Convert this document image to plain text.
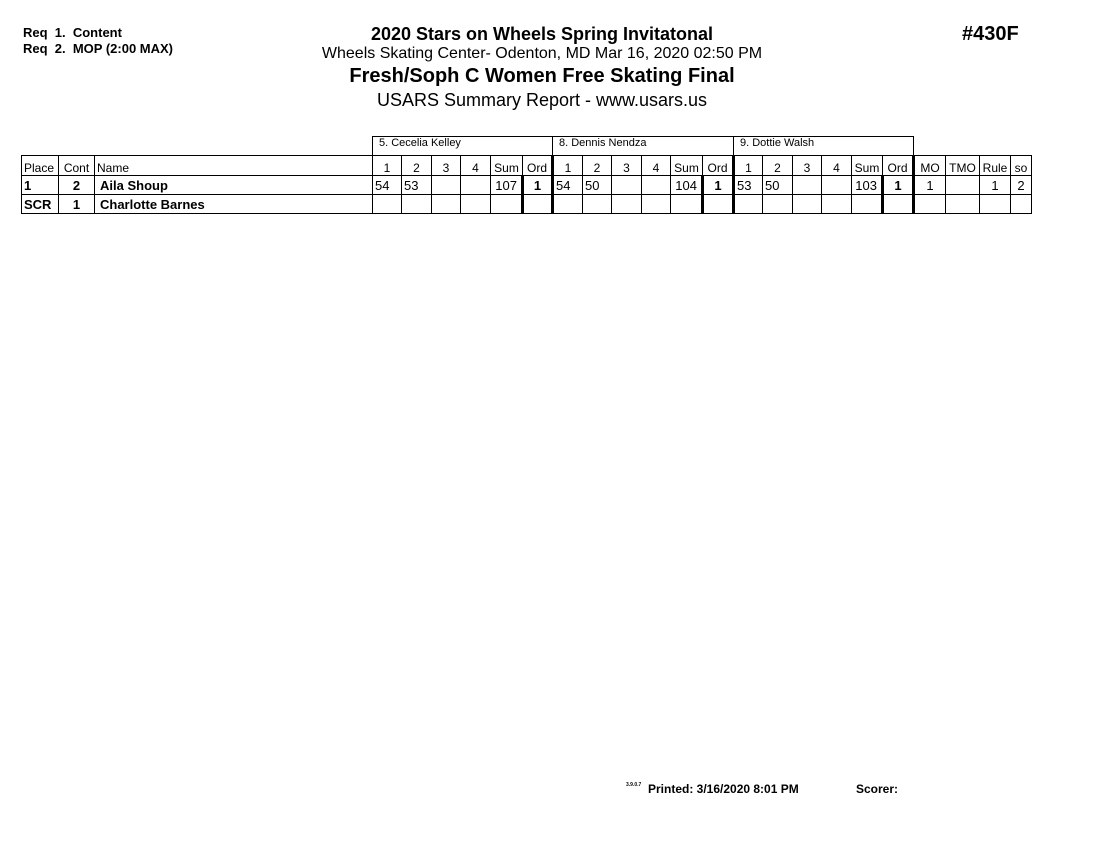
Req  1.  Content
Req  2.  MOP (2:00 MAX)
#430F
2020 Stars on Wheels Spring Invitatonal
Wheels Skating Center- Odenton, MD Mar 16, 2020 02:50 PM
Fresh/Soph C Women Free Skating Final
USARS Summary Report - www.usars.us
			5. Cecelia Kelley						8. Dennis Nendza						9. Dottie Walsh									
Place	Cont	Name	1	2	3	4	Sum	Ord	1	2	3	4	Sum	Ord	1	2	3	4	Sum	Ord	MO	TMO	Rule	so
1	2	Aila Shoup	54	53			107	1	54	50			104	1	53	50			103	1	1		1	2
SCR	1	Charlotte Barnes																						
3.9.0.7 Printed: 3/16/2020 8:01 PM	Scorer:
